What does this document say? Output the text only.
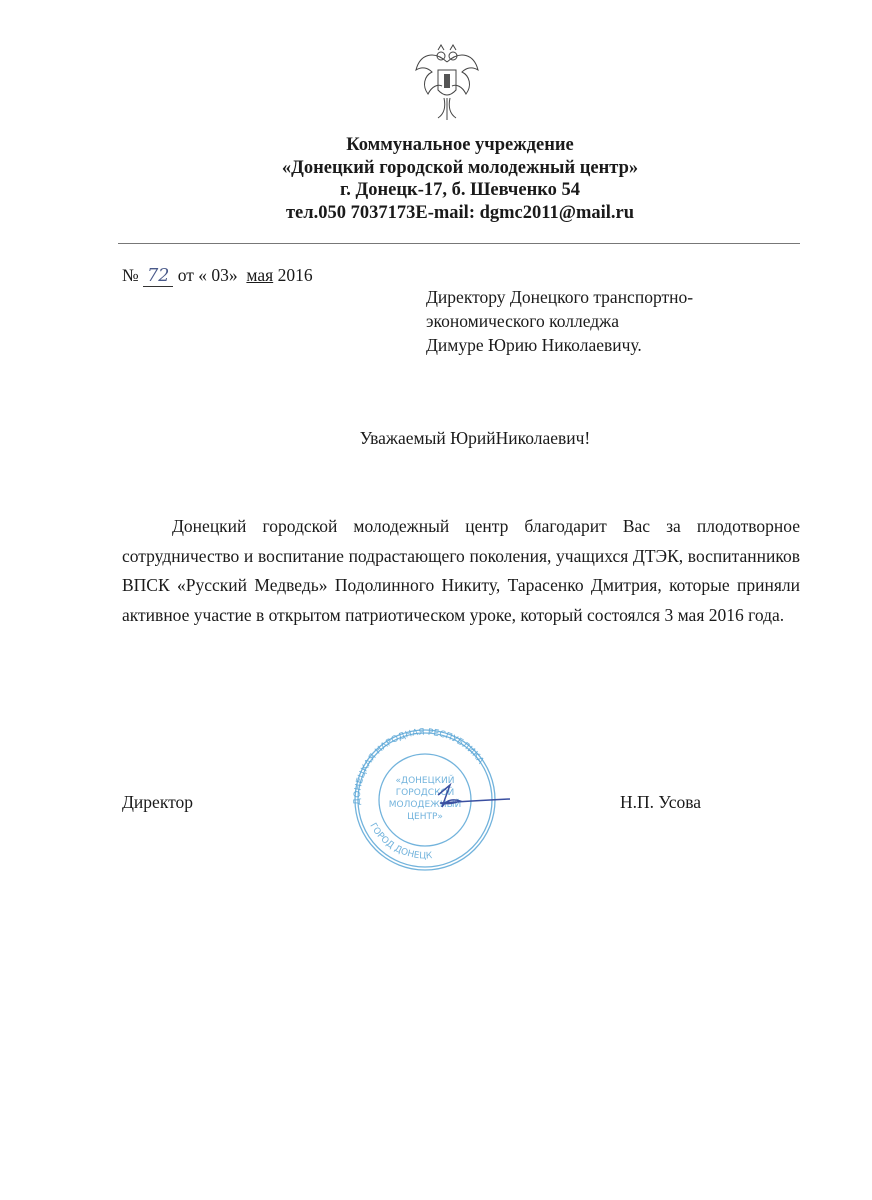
Коммунальное учреждение
«Донецкий городской молодежный центр»
г. Донецк-17, б. Шевченко 54
тел.050 7037173E-mail: dgmc2011@mail.ru
№ 72 от « 03» мая 2016
Директору Донецкого транспортно-
экономического колледжа
Димуре Юрию Николаевичу.
Уважаемый ЮрийНиколаевич!
Донецкий городской молодежный центр благодарит Вас за плодотворное сотрудничество и воспитание подрастающего поколения, учащихся ДТЭК, воспитанников ВПСК «Русский Медведь» Подолинного Никиту, Тарасенко Дмитрия, которые приняли активное участие в открытом патриотическом уроке, который состоялся 3 мая 2016 года.
Директор	Н.П. Усова
ДОНЕЦКАЯ НАРОДНАЯ РЕСПУБЛИКА
ГОРОД ДОНЕЦК
«ДОНЕЦКИЙ
ГОРОДСКОЙ
МОЛОДЕЖНЫЙ
ЦЕНТР»
